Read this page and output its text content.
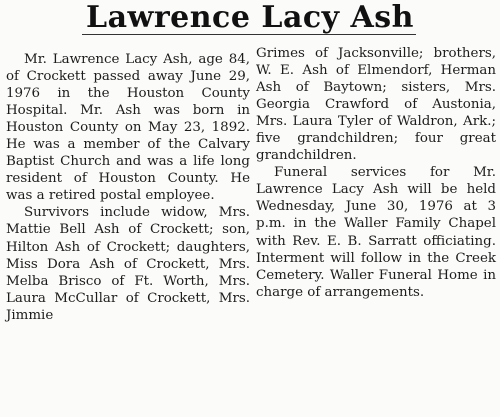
Lawrence Lacy Ash

Mr. Lawrence Lacy Ash, age 84, of Crockett passed away June 29, 1976 in the Houston County Hospital. Mr. Ash was born in Houston County on May 23, 1892. He was a member of the Calvary Baptist Church and was a life long resident of Houston County. He was a retired postal employee.

Survivors include widow, Mrs. Mattie Bell Ash of Crockett; son, Hilton Ash of Crockett; daughters, Miss Dora Ash of Crockett, Mrs. Melba Brisco of Ft. Worth, Mrs. Laura McCullar of Crockett, Mrs. Jimmie

Grimes of Jacksonville; brothers, W. E. Ash of Elmendorf, Herman Ash of Baytown; sisters, Mrs. Georgia Crawford of Austonia, Mrs. Laura Tyler of Waldron, Ark.; five grandchildren; four great grandchildren.

Funeral services for Mr. Lawrence Lacy Ash will be held Wednesday, June 30, 1976 at 3 p.m. in the Waller Family Chapel with Rev. E. B. Sarratt officiating. Interment will follow in the Creek Cemetery. Waller Funeral Home in charge of arrangements.
